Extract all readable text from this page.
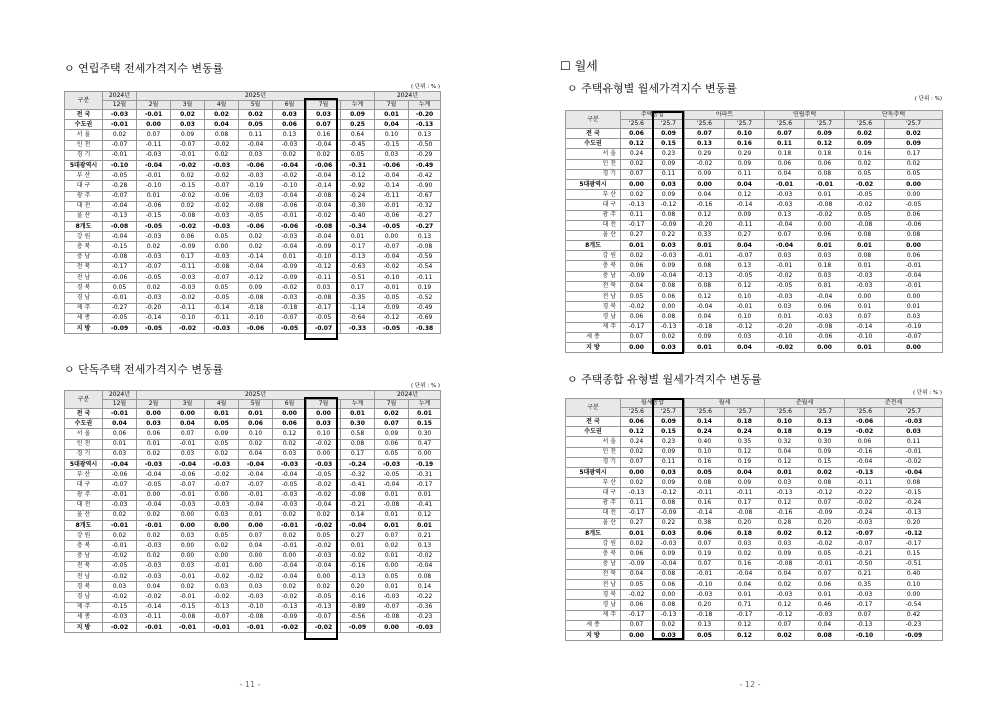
ㅇ 연립주택 전세가격지수 변동률
( 단위 : % )
구분	2024년	2025년							2024년	
	12월	2월	3월	4월	5월	6월	7월	누계	7월	누계
전 국	-0.03	-0.01	0.02	0.02	0.02	0.03	0.03	0.09	0.01	-0.20
수도권	-0.01	0.00	0.03	0.04	0.05	0.06	0.07	0.25	0.04	-0.13
서 울	0.02	0.07	0.09	0.08	0.11	0.13	0.16	0.64	0.10	0.13
인 천	-0.07	-0.11	-0.07	-0.02	-0.04	-0.03	-0.04	-0.45	-0.15	-0.50
경 기	-0.01	-0.03	-0.01	0.02	0.03	0.02	0.02	0.05	0.03	-0.29
5대광역시	-0.10	-0.04	-0.02	-0.03	-0.06	-0.04	-0.06	-0.31	-0.06	-0.49
부 산	-0.05	-0.01	0.02	-0.02	-0.03	-0.02	-0.04	-0.12	-0.04	-0.42
대 구	-0.28	-0.10	-0.15	-0.07	-0.19	-0.10	-0.14	-0.92	-0.14	-0.90
광 주	-0.07	0.01	-0.02	-0.06	-0.03	-0.04	-0.08	-0.24	-0.11	-0.67
대 전	-0.04	-0.06	0.02	-0.02	-0.08	-0.06	-0.04	-0.30	-0.01	-0.32
울 산	-0.13	-0.15	-0.08	-0.03	-0.05	-0.01	-0.02	-0.40	-0.06	-0.27
8개도	-0.08	-0.05	-0.02	-0.03	-0.06	-0.06	-0.08	-0.34	-0.05	-0.27
강 원	-0.04	-0.03	0.06	0.05	0.02	-0.03	-0.04	0.01	0.00	0.13
충 북	-0.15	0.02	-0.09	0.00	0.02	-0.04	-0.09	-0.17	-0.07	-0.08
충 남	-0.08	-0.03	0.17	-0.03	-0.14	0.01	-0.10	-0.13	-0.04	-0.59
전 북	-0.17	-0.07	-0.11	-0.08	-0.04	-0.09	-0.12	-0.63	-0.02	-0.54
전 남	-0.06	-0.05	-0.03	-0.07	-0.12	-0.09	-0.11	-0.51	-0.10	-0.11
경 북	0.05	0.02	-0.03	0.05	0.09	-0.02	0.03	0.17	-0.01	0.19
경 남	-0.01	-0.03	-0.02	-0.05	-0.08	-0.03	-0.08	-0.35	-0.05	-0.52
제 주	-0.27	-0.20	-0.11	-0.14	-0.18	-0.18	-0.17	-1.14	-0.09	-0.49
세 종	-0.05	-0.14	-0.10	-0.11	-0.10	-0.07	-0.05	-0.64	-0.12	-0.69
지 방	-0.09	-0.05	-0.02	-0.03	-0.06	-0.05	-0.07	-0.33	-0.05	-0.38
ㅇ 단독주택 전세가격지수 변동률
( 단위 : % )
구분	2024년	2025년							2024년	
	12월	2월	3월	4월	5월	6월	7월	누계	7월	누계
전 국	-0.01	0.00	0.00	0.01	0.01	0.00	0.00	0.01	0.02	0.01
수도권	0.04	0.03	0.04	0.05	0.06	0.06	0.03	0.30	0.07	0.15
서 울	0.06	0.06	0.07	0.09	0.10	0.12	0.10	0.58	0.09	0.30
인 천	0.01	0.01	-0.01	0.05	0.02	0.02	-0.02	0.08	0.06	0.47
경 기	0.03	0.02	0.03	0.02	0.04	0.03	0.00	0.17	0.05	0.00
5대광역시	-0.04	-0.03	-0.04	-0.03	-0.04	-0.03	-0.03	-0.24	-0.03	-0.19
부 산	-0.06	-0.04	-0.06	-0.02	-0.04	-0.04	-0.05	-0.32	-0.05	-0.31
대 구	-0.07	-0.05	-0.07	-0.07	-0.07	-0.05	-0.02	-0.41	-0.04	-0.17
광 주	-0.01	0.00	-0.01	0.00	-0.01	-0.03	-0.02	-0.08	0.01	0.01
대 전	-0.03	-0.04	-0.03	-0.03	-0.04	-0.03	-0.04	-0.21	-0.08	-0.41
울 산	0.02	0.02	0.00	0.03	0.01	0.02	0.02	0.14	0.01	0.12
8개도	-0.01	-0.01	0.00	0.00	0.00	-0.01	-0.02	-0.04	0.01	0.01
강 원	0.02	0.02	0.03	0.05	0.07	0.02	0.05	0.27	0.07	0.21
충 북	-0.01	-0.03	0.00	0.02	0.04	-0.01	-0.02	0.01	0.02	0.13
충 남	-0.02	0.02	0.00	0.00	0.00	0.00	-0.03	-0.02	0.01	-0.02
전 북	-0.05	-0.03	0.03	-0.01	0.00	-0.04	-0.04	-0.16	0.00	-0.04
전 남	-0.02	-0.03	-0.01	-0.02	-0.02	-0.04	0.00	-0.13	0.05	0.08
경 북	0.03	0.04	0.02	0.03	0.03	0.02	0.02	0.20	0.01	0.14
경 남	-0.02	-0.02	-0.01	-0.02	-0.03	-0.02	-0.05	-0.16	-0.03	-0.22
제 주	-0.15	-0.14	-0.15	-0.13	-0.10	-0.13	-0.13	-0.89	-0.07	-0.36
세 종	-0.03	-0.11	-0.08	-0.07	-0.08	-0.09	-0.07	-0.56	-0.08	-0.23
지 방	-0.02	-0.01	-0.01	-0.01	-0.01	-0.02	-0.02	-0.09	0.00	-0.03
- 11 -
☐ 월세
ㅇ 주택유형별 월세가격지수 변동률
( 단위 : %)
구분	주택종합		아파트		연립주택		단독주택	
	'25.6	'25.7	'25.6	'25.7	'25.6	'25.7	'25.6	'25.7
전 국	0.06	0.09	0.07	0.10	0.07	0.09	0.02	0.02
수도권	0.12	0.15	0.13	0.16	0.11	0.12	0.09	0.09
서 울	0.24	0.23	0.29	0.29	0.18	0.18	0.16	0.17
인 천	0.02	0.09	-0.02	0.09	0.06	0.06	0.02	0.02
경 기	0.07	0.11	0.09	0.11	0.04	0.08	0.05	0.05
5대광역시	0.00	0.03	0.00	0.04	-0.01	-0.01	-0.02	0.00
부 산	0.02	0.09	0.04	0.12	-0.03	0.01	-0.05	0.00
대 구	-0.13	-0.12	-0.16	-0.14	-0.03	-0.08	-0.02	-0.05
광 주	0.11	0.08	0.12	0.09	0.13	-0.02	0.05	0.06
대 전	-0.17	-0.09	-0.20	-0.11	-0.04	0.00	-0.08	-0.06
울 산	0.27	0.22	0.33	0.27	0.07	0.06	0.08	0.08
8개도	0.01	0.03	0.01	0.04	-0.04	0.01	0.01	0.00
강 원	0.02	-0.03	-0.01	-0.07	0.03	0.03	0.08	0.06
충 북	0.06	0.09	0.08	0.13	-0.01	0.18	0.01	-0.01
충 남	-0.09	-0.04	-0.13	-0.05	-0.02	0.03	-0.03	-0.04
전 북	0.04	0.08	0.08	0.12	-0.05	0.01	-0.03	-0.01
전 남	0.05	0.06	0.12	0.10	-0.03	-0.04	0.00	0.00
경 북	-0.02	0.00	-0.04	-0.01	0.03	0.06	0.01	0.01
경 남	0.06	0.08	0.04	0.10	0.01	-0.03	0.07	0.03
제 주	-0.17	-0.13	-0.18	-0.12	-0.20	-0.08	-0.14	-0.19
세 종	0.07	0.02	0.09	0.03	-0.10	-0.06	-0.10	-0.07
지 방	0.00	0.03	0.01	0.04	-0.02	0.00	0.01	0.00
ㅇ 주택종합 유형별 월세가격지수 변동률
( 단위 : % )
구분	월세통합		월세		준월세		준전세	
	'25.6	'25.7	'25.6	'25.7	'25.6	'25.7	'25.6	'25.7
전 국	0.06	0.09	0.14	0.18	0.10	0.13	-0.06	-0.03
수도권	0.12	0.15	0.24	0.24	0.18	0.19	-0.02	0.03
서 울	0.24	0.23	0.40	0.35	0.32	0.30	0.06	0.11
인 천	0.02	0.09	0.10	0.12	0.04	0.09	-0.16	-0.01
경 기	0.07	0.11	0.16	0.19	0.12	0.15	-0.04	-0.02
5대광역시	0.00	0.03	0.05	0.04	0.01	0.02	-0.13	-0.04
부 산	0.02	0.09	0.08	0.09	0.03	0.08	-0.11	0.08
대 구	-0.13	-0.12	-0.11	-0.11	-0.13	-0.12	-0.22	-0.15
광 주	0.11	0.08	0.16	0.17	0.12	0.07	-0.02	-0.24
대 전	-0.17	-0.09	-0.14	-0.08	-0.16	-0.09	-0.24	-0.13
울 산	0.27	0.22	0.38	0.20	0.28	0.20	-0.03	0.20
8개도	0.01	0.03	0.06	0.18	0.02	0.12	-0.07	-0.12
강 원	0.02	-0.03	0.07	0.03	0.03	-0.02	-0.07	-0.17
충 북	0.06	0.09	0.19	0.02	0.09	0.05	-0.21	0.15
충 남	-0.09	-0.04	0.07	0.16	-0.08	-0.01	-0.50	-0.51
전 북	0.04	0.08	-0.01	-0.04	0.04	0.07	0.21	0.40
전 남	0.05	0.06	-0.10	0.04	0.02	0.06	0.35	0.10
경 북	-0.02	0.00	-0.03	0.01	-0.03	0.01	-0.03	0.00
경 남	0.06	0.08	0.20	0.71	0.12	0.46	-0.17	-0.54
제 주	-0.17	-0.13	-0.18	-0.17	-0.12	-0.03	0.07	0.42
세 종	0.07	0.02	0.13	0.12	0.07	0.04	-0.13	-0.23
지 방	0.00	0.03	0.05	0.12	0.02	0.08	-0.10	-0.09
- 12 -
